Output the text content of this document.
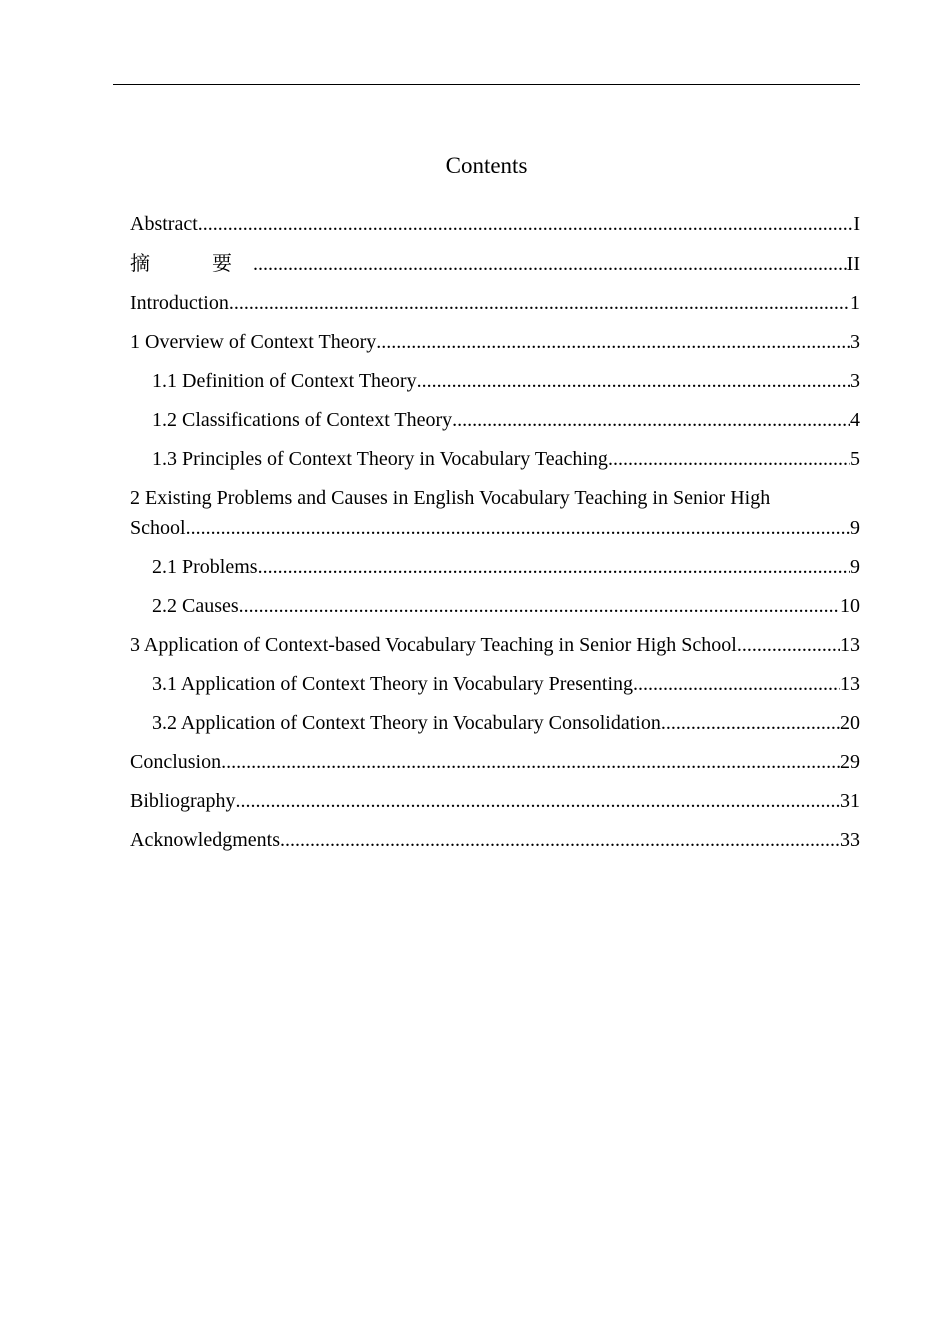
Contents
Abstract .....	I
摘　要 .....	II
Introduction .....	1
1 Overview of Context Theory .....	3
1.1 Definition of Context Theory .....	3
1.2 Classifications of Context Theory .....	4
1.3 Principles of Context Theory in Vocabulary Teaching .....	5
2 Existing Problems and Causes in English Vocabulary Teaching in Senior High
School .....	9
2.1 Problems .....	9
2.2 Causes .....	10
3 Application of Context-based Vocabulary Teaching in Senior High School .....	13
3.1 Application of Context Theory in Vocabulary Presenting .....	13
3.2 Application of Context Theory in Vocabulary Consolidation .....	20
Conclusion .....	29
Bibliography .....	31
Acknowledgments .....	33
